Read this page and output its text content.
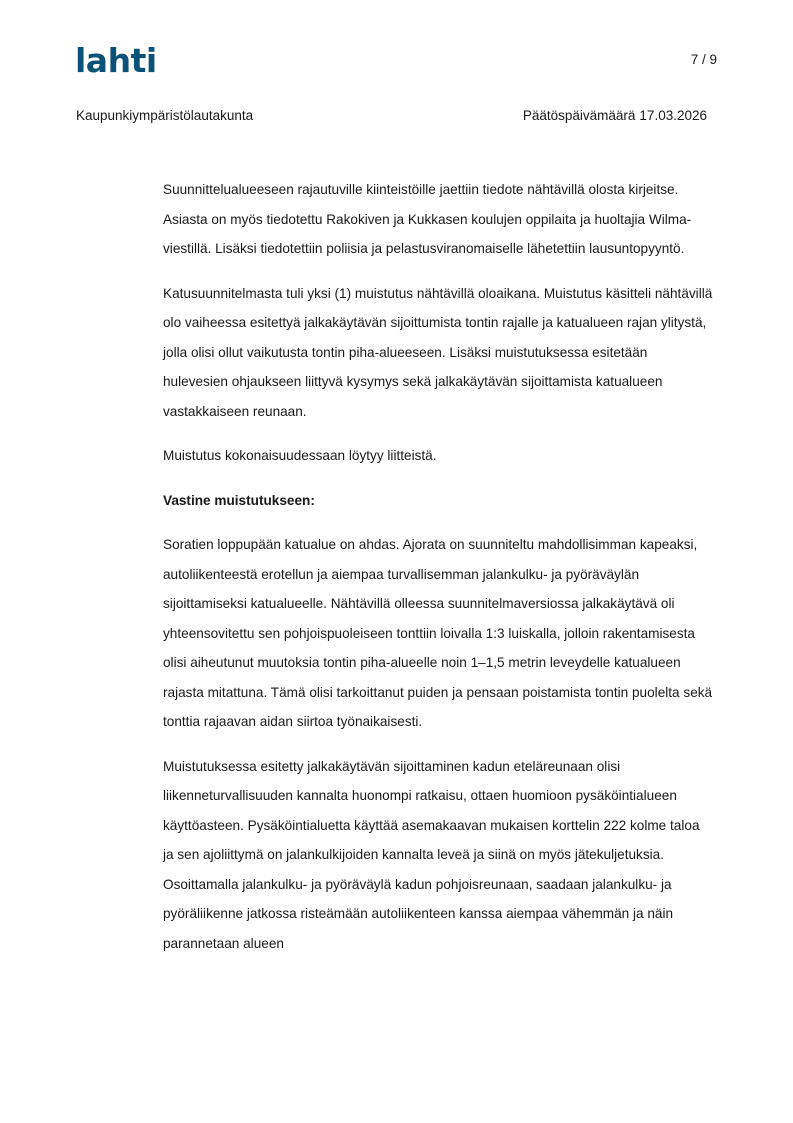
lahti	7 / 9
Kaupunkiympäristölautakunta	Päätöspäivämäärä 17.03.2026

Suunnittelualueeseen rajautuville kiinteistöille jaettiin tiedote nähtävillä olosta kirjeitse. Asiasta on myös tiedotettu Rakokiven ja Kukkasen koulujen oppilaita ja huoltajia Wilma-viestillä. Lisäksi tiedotettiin poliisia ja pelastusviranomaiselle lähetettiin lausuntopyyntö.

Katusuunnitelmasta tuli yksi (1) muistutus nähtävillä oloaikana. Muistutus käsitteli nähtävillä olo vaiheessa esitettyä jalkakäytävän sijoittumista tontin rajalle ja katualueen rajan ylitystä, jolla olisi ollut vaikutusta tontin piha-alueeseen. Lisäksi muistutuksessa esitetään hulevesien ohjaukseen liittyvä kysymys sekä jalkakäytävän sijoittamista katualueen vastakkaiseen reunaan.

Muistutus kokonaisuudessaan löytyy liitteistä.

Vastine muistutukseen:

Soratien loppupään katualue on ahdas. Ajorata on suunniteltu mahdollisimman kapeaksi, autoliikenteestä erotellun ja aiempaa turvallisemman jalankulku- ja pyöräväylän sijoittamiseksi katualueelle. Nähtävillä olleessa suunnitelmaversiossa jalkakäytävä oli yhteensovitettu sen pohjoispuoleiseen tonttiin loivalla 1:3 luiskalla, jolloin rakentamisesta olisi aiheutunut muutoksia tontin piha-alueelle noin 1–1,5 metrin leveydelle katualueen rajasta mitattuna. Tämä olisi tarkoittanut puiden ja pensaan poistamista tontin puolelta sekä tonttia rajaavan aidan siirtoa työnaikaisesti.

Muistutuksessa esitetty jalkakäytävän sijoittaminen kadun eteläreunaan olisi liikenneturvallisuuden kannalta huonompi ratkaisu, ottaen huomioon pysäköintialueen käyttöasteen. Pysäköintialuetta käyttää asemakaavan mukaisen korttelin 222 kolme taloa ja sen ajoliittymä on jalankulkijoiden kannalta leveä ja siinä on myös jätekuljetuksia. Osoittamalla jalankulku- ja pyöräväylä kadun pohjoisreunaan, saadaan jalankulku- ja pyöräliikenne jatkossa risteämään autoliikenteen kanssa aiempaa vähemmän ja näin parannetaan alueen
